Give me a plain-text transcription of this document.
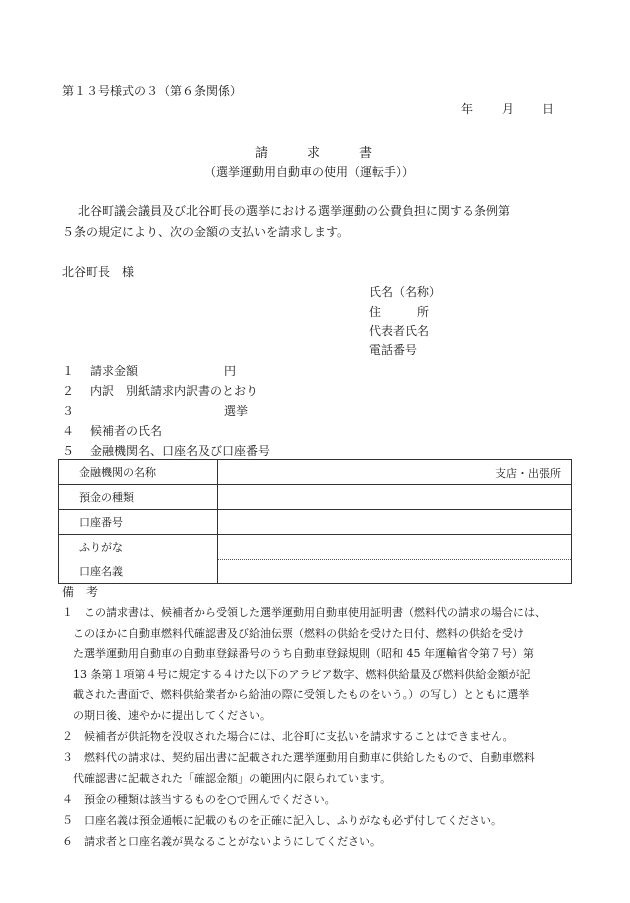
第１３号様式の３（第６条関係）
年 月 日
請　　　求　　　書
（選挙運動用自動車の使用（運転手））
北谷町議会議員及び北谷町長の選挙における選挙運動の公費負担に関する条例第
５条の規定により、次の金額の支払いを請求します。
北谷町長　様
氏名（名称）
住　　　所
代表者氏名
電話番号
１ 請求金額	円
２ 内訳　別紙請求内訳書のとおり
３	選挙
４ 候補者の氏名
５ 金融機関名、口座名及び口座番号
金融機関の名称	支店・出張所

預金の種類	
口座番号	

ふりがな
口座名義	

備　考
１　この請求書は、候補者から受領した選挙運動用自動車使用証明書（燃料代の請求の場合には、
　このほかに自動車燃料代確認書及び給油伝票（燃料の供給を受けた日付、燃料の供給を受け
　た選挙運動用自動車の自動車登録番号のうち自動車登録規則（昭和 45 年運輸省令第７号）第
　13 条第１項第４号に規定する４けた以下のアラビア数字、燃料供給量及び燃料供給金額が記
　載された書面で、燃料供給業者から給油の際に受領したものをいう。）の写し）とともに選挙
　の期日後、速やかに提出してください。
２　候補者が供託物を没収された場合には、北谷町に支払いを請求することはできません。
３　燃料代の請求は、契約届出書に記載された選挙運動用自動車に供給したもので、自動車燃料
　代確認書に記載された「確認金額」の範囲内に限られています。
４　預金の種類は該当するものを○で囲んでください。
５　口座名義は預金通帳に記載のものを正確に記入し、ふりがなも必ず付してください。
６　請求者と口座名義が異なることがないようにしてください。
